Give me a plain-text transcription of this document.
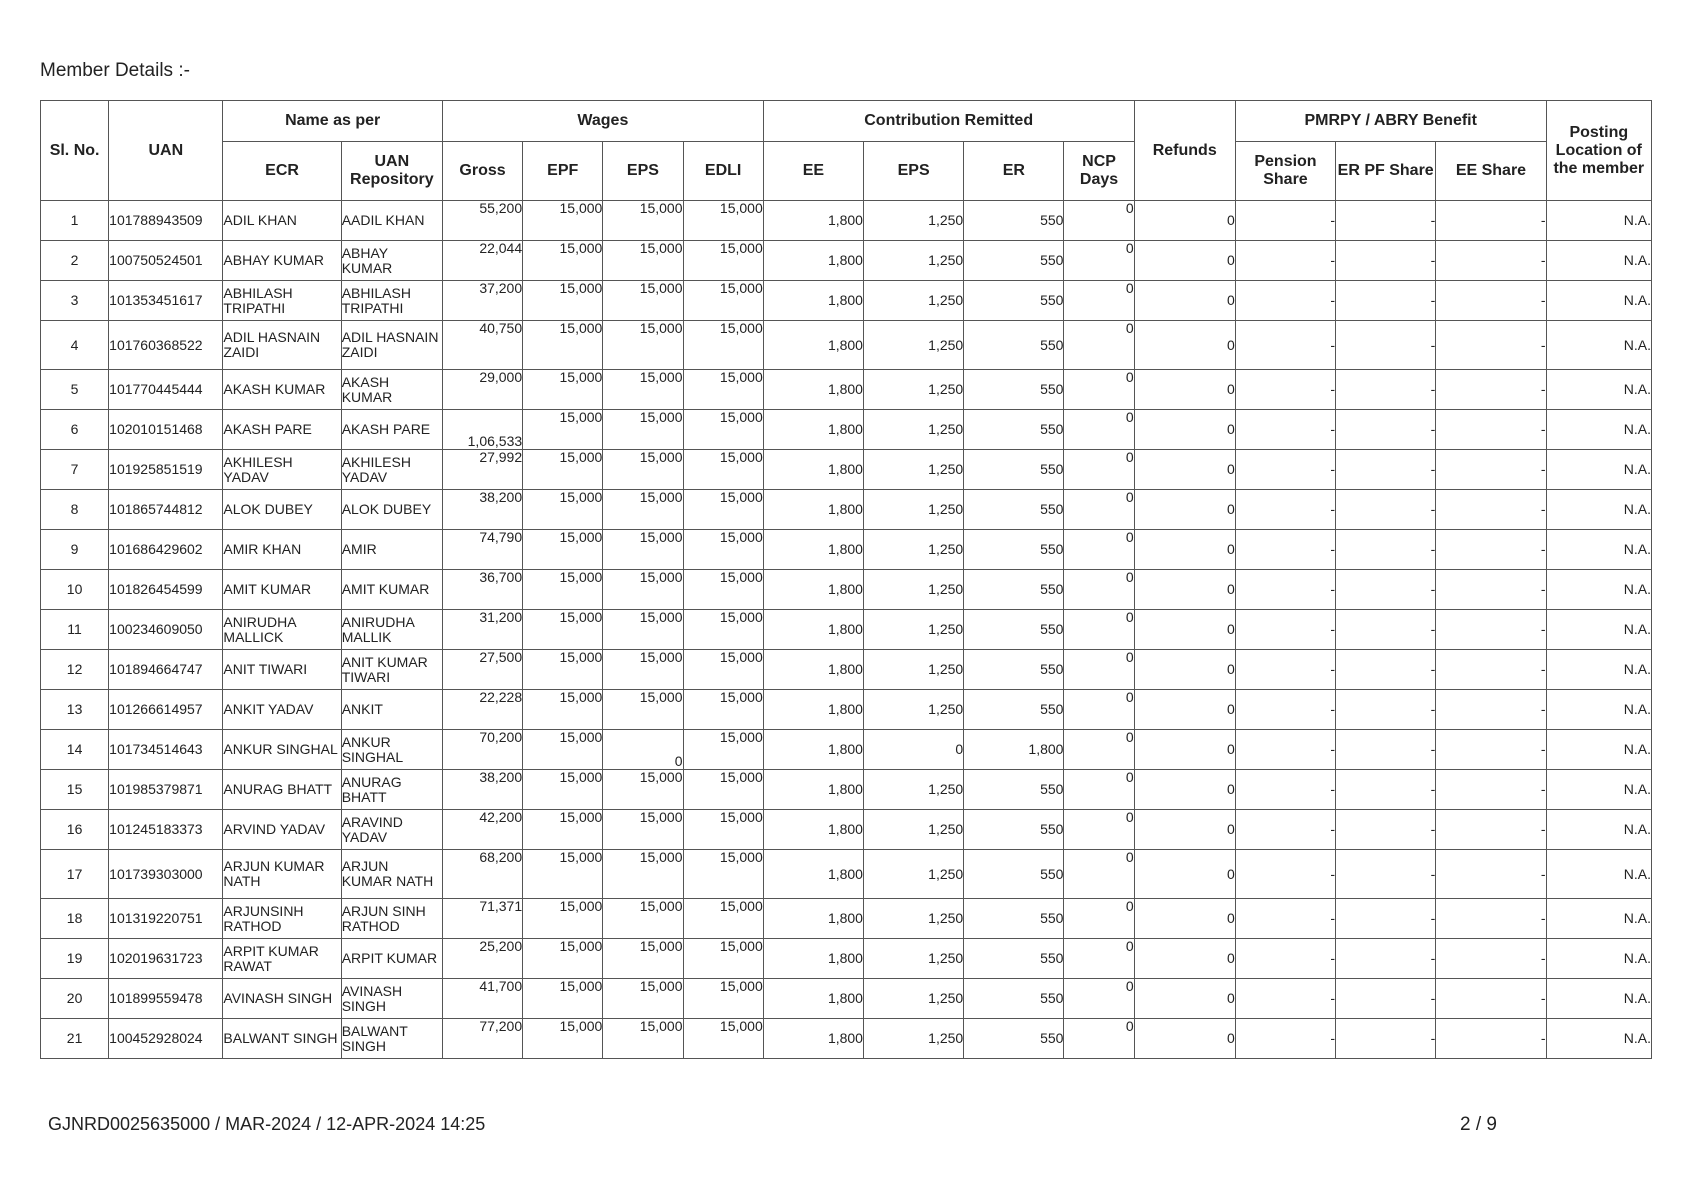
Member Details :-
Sl. No.	UAN	Name as per		Wages				Contribution Remitted				Refunds	PMRPY / ABRY Benefit			Posting Location of the member
		ECR	UAN Repository	Gross	EPF	EPS	EDLI	EE	EPS	ER	NCP Days		Pension Share	ER PF Share	EE Share	
1	101788943509	ADIL KHAN	AADIL KHAN	55,200	15,000	15,000	15,000	1,800	1,250	550	0	0	-	-	-	N.A.
2	100750524501	ABHAY KUMAR	ABHAY KUMAR	22,044	15,000	15,000	15,000	1,800	1,250	550	0	0	-	-	-	N.A.
3	101353451617	ABHILASH TRIPATHI	ABHILASH TRIPATHI	37,200	15,000	15,000	15,000	1,800	1,250	550	0	0	-	-	-	N.A.
4	101760368522	ADIL HASNAIN ZAIDI	ADIL HASNAIN ZAIDI	40,750	15,000	15,000	15,000	1,800	1,250	550	0	0	-	-	-	N.A.
5	101770445444	AKASH KUMAR	AKASH KUMAR	29,000	15,000	15,000	15,000	1,800	1,250	550	0	0	-	-	-	N.A.
6	102010151468	AKASH PARE	AKASH PARE	1,06,533	15,000	15,000	15,000	1,800	1,250	550	0	0	-	-	-	N.A.
7	101925851519	AKHILESH YADAV	AKHILESH YADAV	27,992	15,000	15,000	15,000	1,800	1,250	550	0	0	-	-	-	N.A.
8	101865744812	ALOK DUBEY	ALOK DUBEY	38,200	15,000	15,000	15,000	1,800	1,250	550	0	0	-	-	-	N.A.
9	101686429602	AMIR KHAN	AMIR	74,790	15,000	15,000	15,000	1,800	1,250	550	0	0	-	-	-	N.A.
10	101826454599	AMIT KUMAR	AMIT KUMAR	36,700	15,000	15,000	15,000	1,800	1,250	550	0	0	-	-	-	N.A.
11	100234609050	ANIRUDHA MALLICK	ANIRUDHA MALLIK	31,200	15,000	15,000	15,000	1,800	1,250	550	0	0	-	-	-	N.A.
12	101894664747	ANIT TIWARI	ANIT KUMAR TIWARI	27,500	15,000	15,000	15,000	1,800	1,250	550	0	0	-	-	-	N.A.
13	101266614957	ANKIT YADAV	ANKIT	22,228	15,000	15,000	15,000	1,800	1,250	550	0	0	-	-	-	N.A.
14	101734514643	ANKUR SINGHAL	ANKUR SINGHAL	70,200	15,000	0	15,000	1,800	0	1,800	0	0	-	-	-	N.A.
15	101985379871	ANURAG BHATT	ANURAG BHATT	38,200	15,000	15,000	15,000	1,800	1,250	550	0	0	-	-	-	N.A.
16	101245183373	ARVIND YADAV	ARAVIND YADAV	42,200	15,000	15,000	15,000	1,800	1,250	550	0	0	-	-	-	N.A.
17	101739303000	ARJUN KUMAR NATH	ARJUN KUMAR NATH	68,200	15,000	15,000	15,000	1,800	1,250	550	0	0	-	-	-	N.A.
18	101319220751	ARJUNSINH RATHOD	ARJUN SINH RATHOD	71,371	15,000	15,000	15,000	1,800	1,250	550	0	0	-	-	-	N.A.
19	102019631723	ARPIT KUMAR RAWAT	ARPIT KUMAR	25,200	15,000	15,000	15,000	1,800	1,250	550	0	0	-	-	-	N.A.
20	101899559478	AVINASH SINGH	AVINASH SINGH	41,700	15,000	15,000	15,000	1,800	1,250	550	0	0	-	-	-	N.A.
21	100452928024	BALWANT SINGH	BALWANT SINGH	77,200	15,000	15,000	15,000	1,800	1,250	550	0	0	-	-	-	N.A.
GJNRD0025635000 / MAR-2024 / 12-APR-2024 14:25	2 / 9
